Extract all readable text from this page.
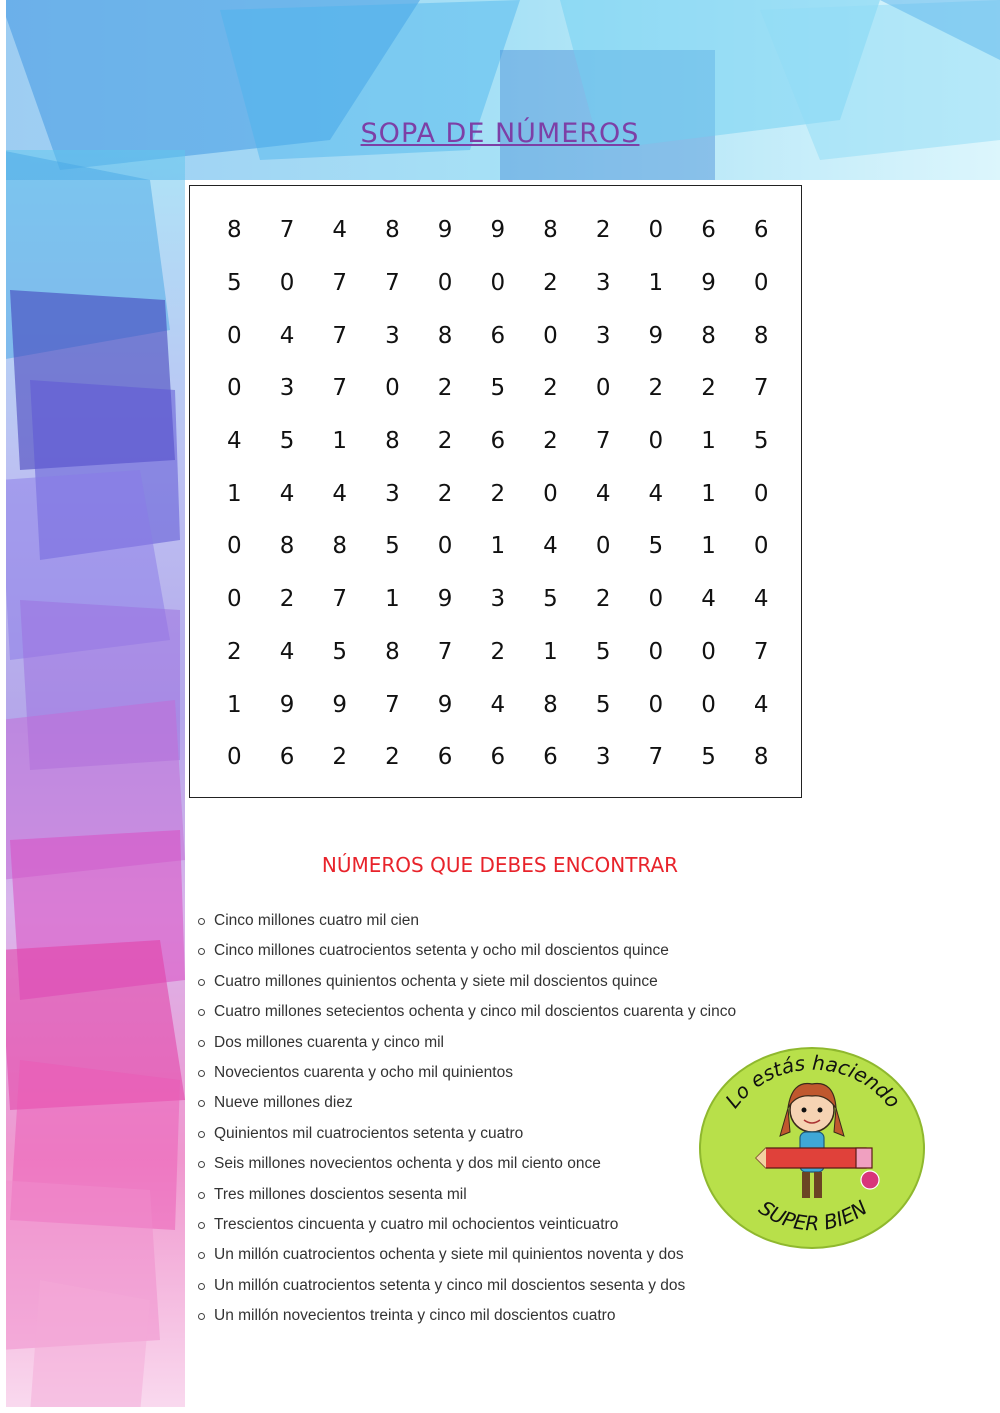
SOPA DE NÚMEROS
8	7	4	8	9	9	8	2	0	6	6
5	0	7	7	0	0	2	3	1	9	0
0	4	7	3	8	6	0	3	9	8	8
0	3	7	0	2	5	2	0	2	2	7
4	5	1	8	2	6	2	7	0	1	5
1	4	4	3	2	2	0	4	4	1	0
0	8	8	5	0	1	4	0	5	1	0
0	2	7	1	9	3	5	2	0	4	4
2	4	5	8	7	2	1	5	0	0	7
1	9	9	7	9	4	8	5	0	0	4
0	6	2	2	6	6	6	3	7	5	8
NÚMEROS QUE DEBES ENCONTRAR
Cinco millones cuatro mil cien
Cinco millones cuatrocientos setenta y ocho mil doscientos quince
Cuatro millones quinientos ochenta y siete mil doscientos quince
Cuatro millones setecientos ochenta y cinco mil doscientos cuarenta y cinco
Dos millones cuarenta y cinco mil
Novecientos cuarenta y ocho mil quinientos
Nueve millones diez
Quinientos mil cuatrocientos setenta y cuatro
Seis millones novecientos ochenta y dos mil ciento once
Tres millones doscientos sesenta mil
Trescientos cincuenta y cuatro mil ochocientos veinticuatro
Un millón cuatrocientos ochenta y siete mil quinientos noventa y dos
Un millón cuatrocientos setenta y cinco mil doscientos sesenta y dos
Un millón novecientos treinta y cinco mil doscientos cuatro
Lo estás haciendo
SUPER BIEN
